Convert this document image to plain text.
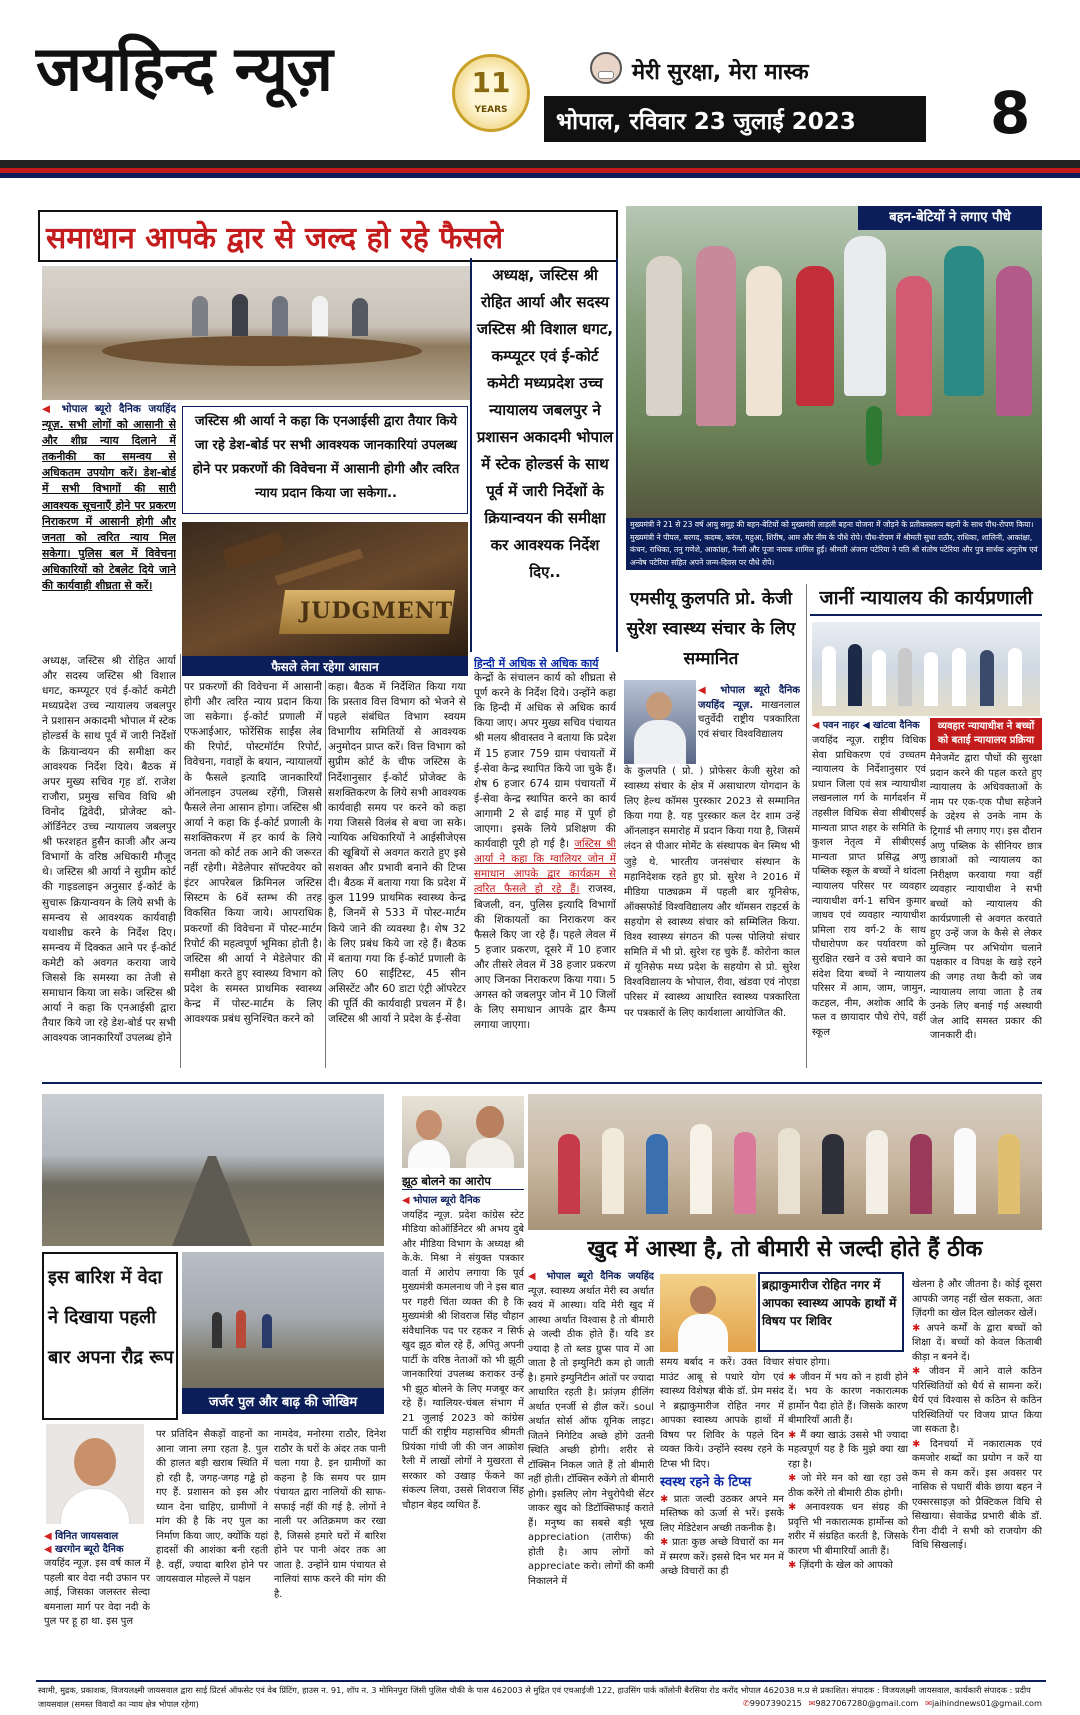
जयहिन्द न्यूज़	11
YEARS
मेरी सुरक्षा, मेरा मास्क
भोपाल, रविवार 23 जुलाई 2023 8
समाधान आपके द्वार से जल्द हो रहे फैसले
अध्यक्ष, जस्टिस श्री रोहित आर्या और सदस्य जस्टिस श्री विशाल धगट, कम्प्यूटर एवं ई-कोर्ट कमेटी मध्यप्रदेश उच्च न्यायालय जबलपुर ने प्रशासन अकादमी भोपाल में स्टेक होल्डर्स के साथ पूर्व में जारी निर्देशों के क्रियान्वयन की समीक्षा कर आवश्यक निर्देश दिए..
◀ भोपाल ब्यूरो दैनिक जयहिंद न्यूज़. सभी लोगों को आसानी से और शीघ्र न्याय दिलाने में तकनीकी का समन्वय से अधिकतम उपयोग करें। डेश-बोर्ड में सभी विभागों की सारी आवश्यक सूचनाएँ होने पर प्रकरण निराकरण में आसानी होगी और जनता को त्वरित न्याय मिल सकेगा। पुलिस बल में विवेचना अधिकारियों को टेबलेट दिये जाने की कार्यवाही शीघ्रता से करें।
जस्टिस श्री आर्या ने कहा कि एनआईसी द्वारा तैयार किये जा रहे डेश-बोर्ड पर सभी आवश्यक जानकारियां उपलब्ध होने पर प्रकरणों की विवेचना में आसानी होगी और त्वरित न्याय प्रदान किया जा सकेगा..
JUDGMENT
फैसले लेना रहेगा आसान
अध्यक्ष, जस्टिस श्री रोहित आर्या और सदस्य जस्टिस श्री विशाल धगट, कम्प्यूटर एवं ई-कोर्ट कमेटी मध्यप्रदेश उच्च न्यायालय जबलपुर ने प्रशासन अकादमी भोपाल में स्टेक होल्डर्स के साथ पूर्व में जारी निर्देशों के क्रियान्वयन की समीक्षा कर आवश्यक निर्देश दिये। बैठक में अपर मुख्य सचिव गृह डॉ. राजेश राजौरा, प्रमुख सचिव विधि श्री विनोद द्विवेदी, प्रोजेक्ट को-ऑर्डिनेटर उच्च न्यायालय जबलपुर श्री फरशहत हुसैन काजी और अन्य विभागों के वरिष्ठ अधिकारी मौजूद थे। जस्टिस श्री आर्या ने सुप्रीम कोर्ट की गाइडलाइन अनुसार ई-कोर्ट के सुचारू क्रियान्वयन के लिये सभी के समन्वय से आवश्यक कार्यवाही यथाशीघ्र करने के निर्देश दिए। समन्वय में दिक्कत आने पर ई-कोर्ट कमेटी को अवगत कराया जाये जिससे कि समस्या का तेजी से समाधान किया जा सके। जस्टिस श्री आर्या ने कहा कि एनआईसी द्वारा तैयार किये जा रहे डेश-बोर्ड पर सभी आवश्यक जानकारियाँ उपलब्ध होने
पर प्रकरणों की विवेचना में आसानी होगी और त्वरित न्याय प्रदान किया जा सकेगा। ई-कोर्ट प्रणाली में एफआईआर, फोरेंसिक साईंस लेब की रिपोर्ट, पोस्टमॉर्टम रिपोर्ट, विवेचना, गवाहों के बयान, न्यायालयों के फैसले इत्यादि जानकारियाँ ऑनलाइन उपलब्ध रहेंगी, जिससे फैसले लेना आसान होगा। जस्टिस श्री आर्या ने कहा कि ई-कोर्ट प्रणाली के सशक्तिकरण में हर कार्य के लिये जनता को कोर्ट तक आने की जरूरत नहीं रहेगी। मेडेलेपार सॉफ्टवेयर को इंटर आपरेबल क्रिमिनल जस्टिस सिस्टम के 6वें स्तम्भ की तरह विकसित किया जाये। आपराधिक प्रकरणों की विवेचना में पोस्ट-मार्टम रिपोर्ट की महत्वपूर्ण भूमिका होती है। जस्टिस श्री आर्या ने मेडेलेपार की समीक्षा करते हुए स्वास्थ्य विभाग को प्रदेश के समस्त प्राथमिक स्वास्थ्य केन्द्र में पोस्ट-मार्टम के लिए आवश्यक प्रबंध सुनिश्चित करने को
कहा। बैठक में निर्देशित किया गया कि प्रस्ताव वित्त विभाग को भेजने से पहले संबंधित विभाग स्वयम विभागीय समितियों से आवश्यक अनुमोदन प्राप्त करें। वित्त विभाग को सुप्रीम कोर्ट के चीफ जस्टिस के निर्देशानुसार ई-कोर्ट प्रोजेक्ट के सशक्तिकरण के लिये सभी आवश्यक कार्यवाही समय पर करने को कहा गया जिससे विलंब से बचा जा सके। न्यायिक अधिकारियों ने आईसीजेएस की खूबियों से अवगत कराते हुए इसे सशक्त और प्रभावी बनाने की टिप्स दी। बैठक में बताया गया कि प्रदेश में कुल 1199 प्राथमिक स्वास्थ्य केन्द्र है, जिनमें से 533 में पोस्ट-मार्टम किये जाने की व्यवस्था है। शेष 32 के लिए प्रबंध किये जा रहे हैं। बैठक में बताया गया कि ई-कोर्ट प्रणाली के लिए 60 साईंटिस्ट, 45 सीन असिस्टेंट और 60 डाटा एंट्री ऑपरेटर की पूर्ति की कार्यवाही प्रचलन में है। जस्टिस श्री आर्या ने प्रदेश के ई-सेवा
हिन्दी में अधिक से अधिक कार्य
केन्द्रों के संचालन कार्य को शीघ्रता से पूर्ण करने के निर्देश दिये। उन्होंने कहा कि हिन्दी में अधिक से अधिक कार्य किया जाए। अपर मुख्य सचिव पंचायत श्री मलय श्रीवास्तव ने बताया कि प्रदेश में 15 हजार 759 ग्राम पंचायतों में ई-सेवा केन्द्र स्थापित किये जा चुके हैं। शेष 6 हजार 674 ग्राम पंचायतों में ई-सेवा केन्द्र स्थापित करने का कार्य आगामी 2 से ढाई माह में पूर्ण हो जाएगा। इसके लिये प्रशिक्षण की कार्यवाही पूरी हो गई है। जस्टिस श्री आर्या ने कहा कि ग्वालियर जोन में समाधान आपके द्वार कार्यक्रम से त्वरित फैसले हो रहे हैं। राजस्व, बिजली, वन, पुलिस इत्यादि विभागों की शिकायतों का निराकरण कर फैसले किए जा रहे हैं। पहले लेवल में 5 हजार प्रकरण, दूसरे में 10 हजार और तीसरे लेवल में 38 हजार प्रकरण आए जिनका निराकरण किया गया। 5 अगस्त को जबलपुर जोन में 10 जिलों के लिए समाधान आपके द्वार कैम्प लगाया जाएगा।
बहन-बेटियों ने लगाए पौधे
मुख्यमंत्री ने 21 से 23 वर्ष आयु समूह की बहन-बेटियों को मुख्यमंत्री लाड़ली बहना योजना में जोड़ने के प्रतीकस्वरूप बहनों के साथ पौध-रोपण किया। मुख्यमंत्री ने पीपल, बरगद, कदम्ब, करंज, महुआ, शिरीष, आम और नीम के पौधे रोपे। पौध-रोपण में श्रीमती सुधा राठौर, राधिका, शालिनी, आकांक्षा, कंचन, राधिका, तनु गणेशे, आकांक्षा, नैन्सी और पूजा नायक शामिल हुईं। श्रीमती अंजना पटेरिया ने पति श्री संतोष पटेरिया और पुत्र सार्थक अनुतोष एवं अन्वेष पटेरिया सहित अपने जन्म-दिवस पर पौधे रोपे।
एमसीयू कुलपति प्रो. केजी सुरेश स्वास्थ्य संचार के लिए सम्मानित
◀ भोपाल ब्यूरो दैनिक जयहिंद न्यूज़. माखनलाल चतुर्वेदी राष्ट्रीय पत्रकारिता एवं संचार विश्वविद्यालय
के कुलपति ( प्रो. ) प्रोफेसर केजी सुरेश को स्वास्थ्य संचार के क्षेत्र में असाधारण योगदान के लिए हेल्थ कॉमस पुरस्कार 2023 से सम्मानित किया गया है. यह पुरस्कार कल देर शाम उन्हें ऑनलाइन समारोह में प्रदान किया गया है, जिसमें लंदन से पीआर मोमेंट के संस्थापक बेन स्मिथ भी जुड़े थे. भारतीय जनसंचार संस्थान के महानिदेशक रहते हुए प्रो. सुरेश ने 2016 में मीडिया पाठ्यक्रम में पहली बार यूनिसेफ, ऑक्सफोर्ड विश्वविद्यालय और थॉमसन राइटर्स के सहयोग से स्वास्थ्य संचार को सम्मिलित किया. विश्व स्वास्थ्य संगठन की पल्स पोलियो संचार समिति में भी प्रो. सुरेश रह चुके हैं. कोरोना काल में यूनिसेफ मध्य प्रदेश के सहयोग से प्रो. सुरेश विश्वविद्यालय के भोपाल, रीवा, खंडवा एवं नोएडा परिसर में स्वास्थ्य आधारित स्वास्थ्य पत्रकारिता पर पत्रकारों के लिए कार्यशाला आयोजित की.
जानीं न्यायालय की कार्यप्रणाली
◀ पवन नाहर ◀ खांटवा दैनिक	व्यवहार न्यायाधीश ने बच्चों को बताई न्यायालय प्रक्रिया
जयहिंद न्यूज़. राष्ट्रीय विधिक सेवा प्राधिकरण एवं उच्चतम न्यायालय के निर्देशानुसार एवं प्रधान जिला एवं सत्र न्यायाधीश लखनलाल गर्ग के मार्गदर्शन में तहसील विधिक सेवा सीबीएसई मान्यता प्राप्त शहर के समिति के कुशल नेतृत्व में सीबीएसई मान्यता प्राप्त प्रसिद्ध अणु पब्लिक स्कूल के बच्चों ने थांदला न्यायालय परिसर पर व्यवहार न्यायाधीश वर्ग-1 सचिन कुमार जाधव एवं व्यवहार न्यायाधीश प्रमिला राय वर्ग-2 के साथ पौधारोपण कर पर्यावरण को सुरक्षित रखने व उसे बचाने का संदेश दिया बच्चों ने न्यायालय परिसर में आम, जाम, जामुन, कटहल, नीम, अशोक आदि के फल व छायादार पौधे रोपे, वहीं स्कूल
मैनेजमेंट द्वारा पौधों की सुरक्षा प्रदान करने की पहल करते हुए न्यायालय के अधिवक्ताओं के नाम पर एक-एक पौधा सहेजने के उद्देश्य से उनके नाम के ट्रिगार्ड भी लगाए गए। इस दौरान अणु पब्लिक के सीनियर छात्र छात्राओं को न्यायालय का निरीक्षण करवाया गया वहीं व्यवहार न्यायाधीश ने सभी बच्चों को न्यायालय की कार्यप्रणाली से अवगत करवाते हुए उन्हें जज के कैसे से लेकर मुल्जिम पर अभियोग चलाने पक्षकार व विपक्ष के खड़े रहने की जगह तथा कैदी को जब न्यायालय लाया जाता है तब उनके लिए बनाई गई अस्थायी जेल आदि समस्त प्रकार की जानकारी दी।
इस बारिश में वेदा ने दिखाया पहली बार अपना रौद्र रूप
जर्जर पुल और बाढ़ की जोखिम
◀ विनित जायसवाल
◀ खरगोन ब्यूरो दैनिक
जयहिंद न्यूज़. इस वर्ष काल में पहली बार वेदा नदी उफान पर आई, जिसका जलस्तर सेल्दा बमनाला मार्ग पर वेदा नदी के पुल पर हू हा था. इस पुल
पर प्रतिदिन सैकड़ों वाहनों का आना जाना लगा रहता है. पुल की हालत बड़ी खराब स्थिति में हो रही है, जगह-जगह गड्ढे हो गए हैं. प्रशासन को इस और ध्यान देना चाहिए, ग्रामीणों ने मांग की है कि नए पुल का निर्माण किया जाए, क्योंकि यहां हादसों की आशंका बनी रहती है. वहीं, ज्यादा बारिश होने पर जायसवाल मोहल्ले में पक्षन
नामदेव, मनोरमा राठौर, दिनेश राठौर के घरों के अंदर तक पानी चला गया है. इन ग्रामीणों का कहना है कि समय पर ग्राम पंचायत द्वारा नालियों की साफ-सफाई नहीं की गई है. लोगों ने नाली पर अतिक्रमण कर रखा है, जिससे हमारे घरों में बारिश होने पर पानी अंदर तक आ जाता है. उन्होंने ग्राम पंचायत से नालियां साफ करने की मांग की है.
झूठ बोलने का आरोप
◀ भोपाल ब्यूरो दैनिक
जयहिंद न्यूज़. प्रदेश कांग्रेस स्टेट मीडिया कोऑर्डिनेटर श्री अभय दुबे और मीडिया विभाग के अध्यक्ष श्री के.के. मिश्रा ने संयुक्त पत्रकार वार्ता में आरोप लगाया कि पूर्व मुख्यमंत्री कमलनाथ जी ने इस बात पर गहरी चिंता व्यक्त की है कि मुख्यमंत्री श्री शिवराज सिंह चौहान संवैधानिक पद पर रहकर न सिर्फ खुद झूठ बोल रहे हैं, अपितु अपनी पार्टी के वरिष्ठ नेताओं को भी झूठी जानकारियां उपलब्ध कराकर उन्हें भी झूठ बोलने के लिए मजबूर कर रहे हैं। ग्वालियर-चंबल संभाग में 21 जुलाई 2023 को कांग्रेस पार्टी की राष्ट्रीय महासचिव श्रीमती प्रियंका गांधी जी की जन आक्रोश रैली में लाखों लोगों ने मुखरता से सरकार को उखाड़ फेंकने का संकल्प लिया, उससे शिवराज सिंह चौहान बेहद व्यथित हैं.
खुद में आस्था है, तो बीमारी से जल्दी होते हैं ठीक
◀ भोपाल ब्यूरो दैनिक जयहिंद न्यूज़. स्वास्थ्य अर्थात मेरी स्व अर्थात स्वयं में आस्था। यदि मेरी खुद में आस्था अर्थात विश्वास है तो बीमारी से जल्दी ठीक होते हैं। यदि डर ज्यादा है तो ब्लड ग्रुप्स पाव में आ जाता है तो इम्युनिटी कम हो जाती है। हमारे इम्युनिटीन आंतों पर ज्यादा आधारित रहती है। फ्रांज़म हीलिंग अर्थात एनर्जी से हील करें। soul अर्थात सोर्स ऑफ यूनिक लाइट। जितने निगेटिव अच्छे होंगे उतनी स्थिति अच्छी होगी। शरीर से टॉक्सिन निकल जाते हैं तो बीमारी नहीं होती। टॉक्सिन रुकेंगे तो बीमारी होगी। इसलिए लोग नेचुरोपैथी सेंटर जाकर खुद को डिटॉक्सिफाई कराते हैं। मनुष्य का सबसे बड़ी भूख appreciation (तारीफ) की होती है। आप लोगों को appreciate करो। लोगों की कमी निकालने में
ब्रह्माकुमारीज रोहित नगर में आपका स्वास्थ्य आपके हाथों में विषय पर शिविर
समय बर्बाद न करें। उक्त विचार माउंट आबू से पधारे योग एवं स्वास्थ्य विशेषज्ञ बीके डॉ. प्रेम मसंद ने ब्रह्माकुमारीज रोहित नगर में आपका स्वास्थ्य आपके हाथों में विषय पर शिविर के पहले दिन व्यक्त किये। उन्होंने स्वस्थ रहने के टिप्स भी दिए।
स्वस्थ रहने के टिप्स
✱ प्रातः जल्दी उठकर अपने मन मस्तिष्क को ऊर्जा से भरें। इसके लिए मेडिटेशन अच्छी तकनीक है।
✱ प्रातः कुछ अच्छे विचारों का मन में स्मरण करें। इससे दिन भर मन में अच्छे विचारों का ही
संचार होगा।
✱ जीवन में भय को न हावी होने दें। भय के कारण नकारात्मक हार्मोन पैदा होते हैं। जिसके कारण बीमारियाँ आती हैं।
✱ मैं क्या खाऊं उससे भी ज्यादा महत्वपूर्ण यह है कि मुझे क्या खा रहा है।
✱ जो मेरे मन को खा रहा उसे ठीक करेंगे तो बीमारी ठीक होगी।
✱ अनावश्यक धन संग्रह की प्रवृत्ति भी नकारात्मक हार्मोन्स को शरीर में संग्रहित करती है, जिसके कारण भी बीमारियाँ आती हैं।
✱ ज़िंदगी के खेल को आपको
खेलना है और जीतना है। कोई दूसरा आपकी जगह नहीं खेल सकता, अतः ज़िंदगी का खेल दिल खोलकर खेलें।
✱ अपने कर्मों के द्वारा बच्चों को शिक्षा दें। बच्चों को केवल किताबी कीड़ा न बनने दें।
✱ जीवन में आने वाले कठिन परिस्थितियों को धैर्य से सामना करें। धैर्य एवं विश्वास से कठिन से कठिन परिस्थितियों पर विजय प्राप्त किया जा सकता है।
✱ दिनचर्या में नकारात्मक एवं कमजोर शब्दों का प्रयोग न करें या कम से कम करें। इस अवसर पर नासिक से पधारीं बीके छाया बहन ने एक्सरसाइज़ को प्रैक्टिकल विधि से सिखाया। सेवाकेंद्र प्रभारी बीके डॉ. रीना दीदी ने सभी को राजयोग की विधि सिखलाई।
स्वामी, मुद्रक, प्रकाशक, विजयलक्ष्मी जायसवाल द्वारा साई प्रिंटर्स ऑफसेट एवं वेब प्रिंटिंग, हाउस न. 91, शॉप न. 3 मोमिनपुरा जिंसी पुलिस चौकी के पास 462003 से मुद्रित एवं एचआईजी 122, हाउसिंग पार्क कॉलोनी बैरसिया रोड करोंद भोपाल 462038 म.प्र से प्रकाशित। संपादक : विजयलक्ष्मी जायसवाल, कार्यकारी संपादक : प्रदीप जायसवाल (समस्त विवादों का न्याय क्षेत्र भोपाल रहेगा)	✆9907390215 ✉9827067280@gmail.com ✉jaihindnews01@gmail.com
